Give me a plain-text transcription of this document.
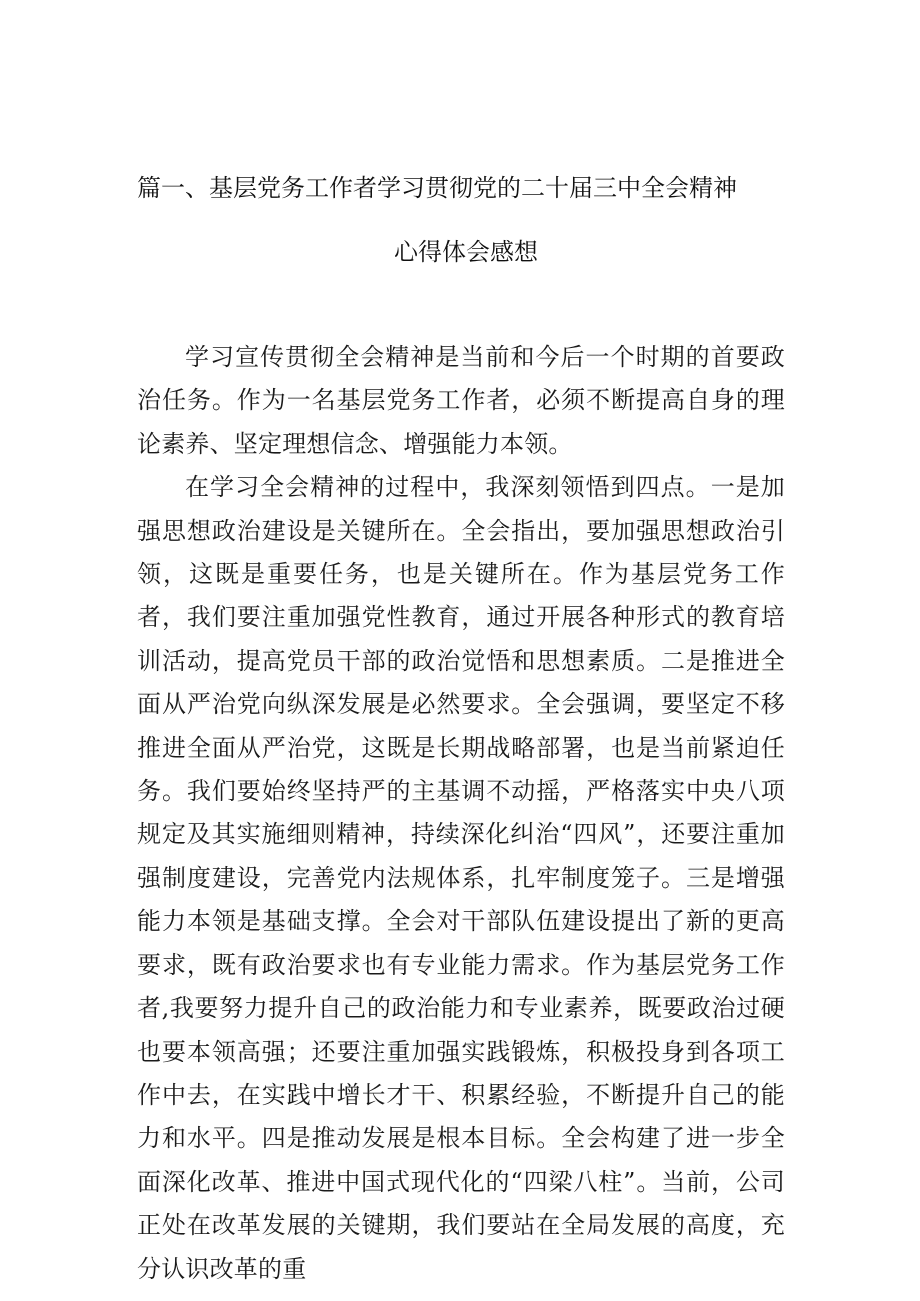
篇一、基层党务工作者学习贯彻党的二十届三中全会精神
心得体会感想

学习宣传贯彻全会精神是当前和今后一个时期的首要政治任务。作为一名基层党务工作者，必须不断提高自身的理论素养、坚定理想信念、增强能力本领。

在学习全会精神的过程中，我深刻领悟到四点。一是加强思想政治建设是关键所在。全会指出，要加强思想政治引领，这既是重要任务，也是关键所在。作为基层党务工作者，我们要注重加强党性教育，通过开展各种形式的教育培训活动，提高党员干部的政治觉悟和思想素质。二是推进全面从严治党向纵深发展是必然要求。全会强调，要坚定不移推进全面从严治党，这既是长期战略部署，也是当前紧迫任务。我们要始终坚持严的主基调不动摇，严格落实中央八项规定及其实施细则精神，持续深化纠治“四风”，还要注重加强制度建设，完善党内法规体系，扎牢制度笼子。三是增强能力本领是基础支撑。全会对干部队伍建设提出了新的更高要求，既有政治要求也有专业能力需求。作为基层党务工作者,我要努力提升自己的政治能力和专业素养，既要政治过硬也要本领高强；还要注重加强实践锻炼，积极投身到各项工作中去，在实践中增长才干、积累经验，不断提升自己的能力和水平。四是推动发展是根本目标。全会构建了进一步全面深化改革、推进中国式现代化的“四梁八柱”。当前，公司正处在改革发展的关键期，我们要站在全局发展的高度，充分认识改革的重
